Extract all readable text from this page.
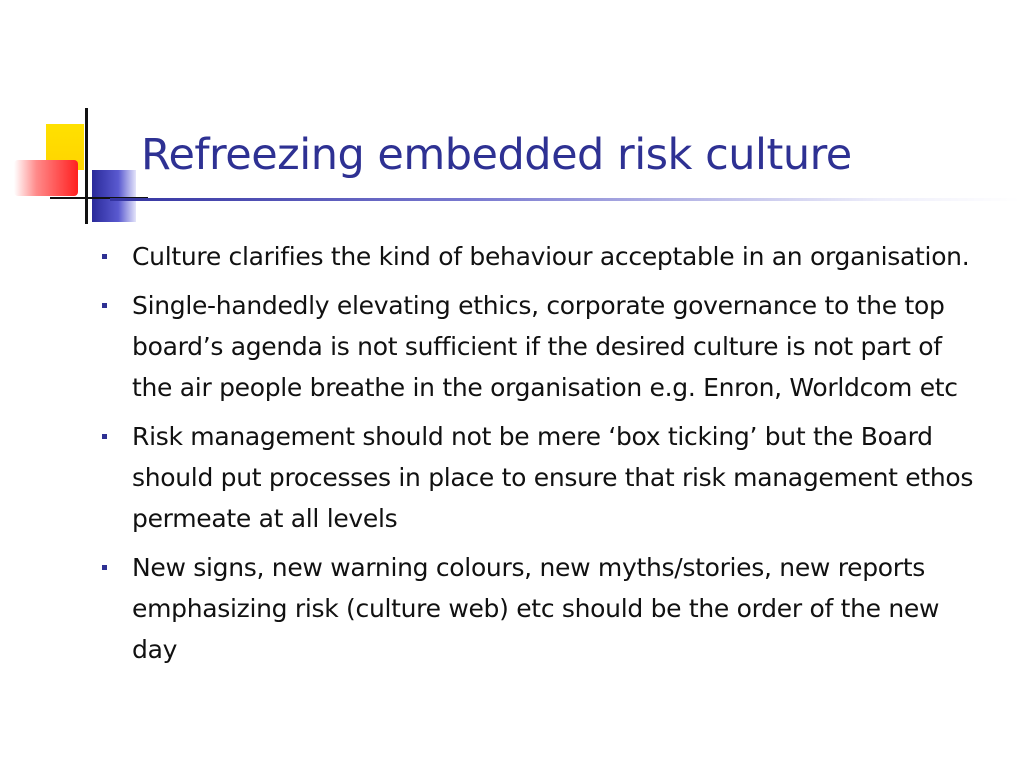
Refreezing embedded risk culture
Culture clarifies the kind of behaviour acceptable in an organisation.
Single-handedly elevating ethics, corporate governance to the top board’s agenda is not sufficient if the desired culture is not part of the air people breathe in the organisation e.g. Enron, Worldcom etc
Risk management should not be mere ‘box ticking’ but the Board should put processes in place to ensure that risk management ethos permeate at all levels
New signs, new warning colours, new myths/stories, new reports emphasizing risk (culture web) etc should be the order of the new day
